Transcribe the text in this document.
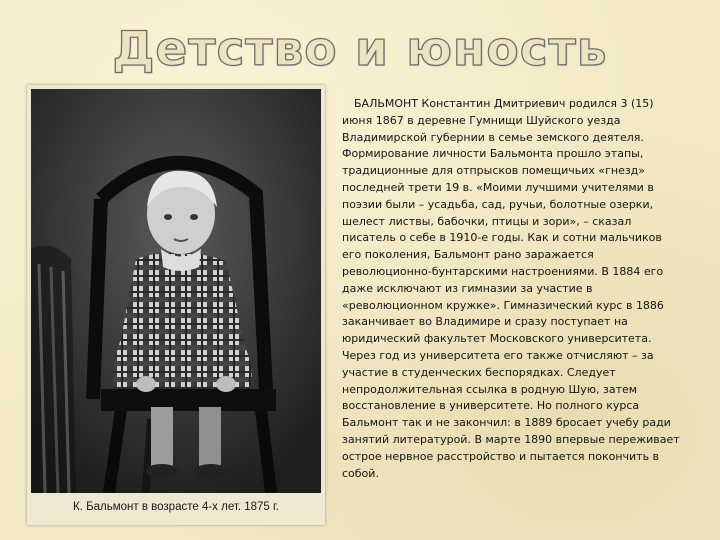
Детство и юность
К. Бальмонт в возрасте 4-х лет. 1875 г.

БАЛЬМОНТ Константин Дмитриевич родился 3 (15) июня 1867 в деревне Гумнищи Шуйского уезда Владимирской губернии в семье земского деятеля. Формирование личности Бальмонта прошло этапы, традиционные для отпрысков помещичьих «гнезд» последней трети 19 в. «Моими лучшими учителями в поэзии были – усадьба, сад, ручьи, болотные озерки, шелест листвы, бабочки, птицы и зори», – сказал писатель о себе в 1910-е годы. Как и сотни мальчиков его поколения, Бальмонт рано заражается революционно-бунтарскими настроениями. В 1884 его даже исключают из гимназии за участие в «революционном кружке». Гимназический курс в 1886 заканчивает во Владимире и сразу поступает на юридический факультет Московского университета. Через год из университета его также отчисляют – за участие в студенческих беспорядках. Следует непродолжительная ссылка в родную Шую, затем восстановление в университете. Но полного курса Бальмонт так и не закончил: в 1889 бросает учебу ради занятий литературой. В марте 1890 впервые переживает острое нервное расстройство и пытается покончить в собой.
